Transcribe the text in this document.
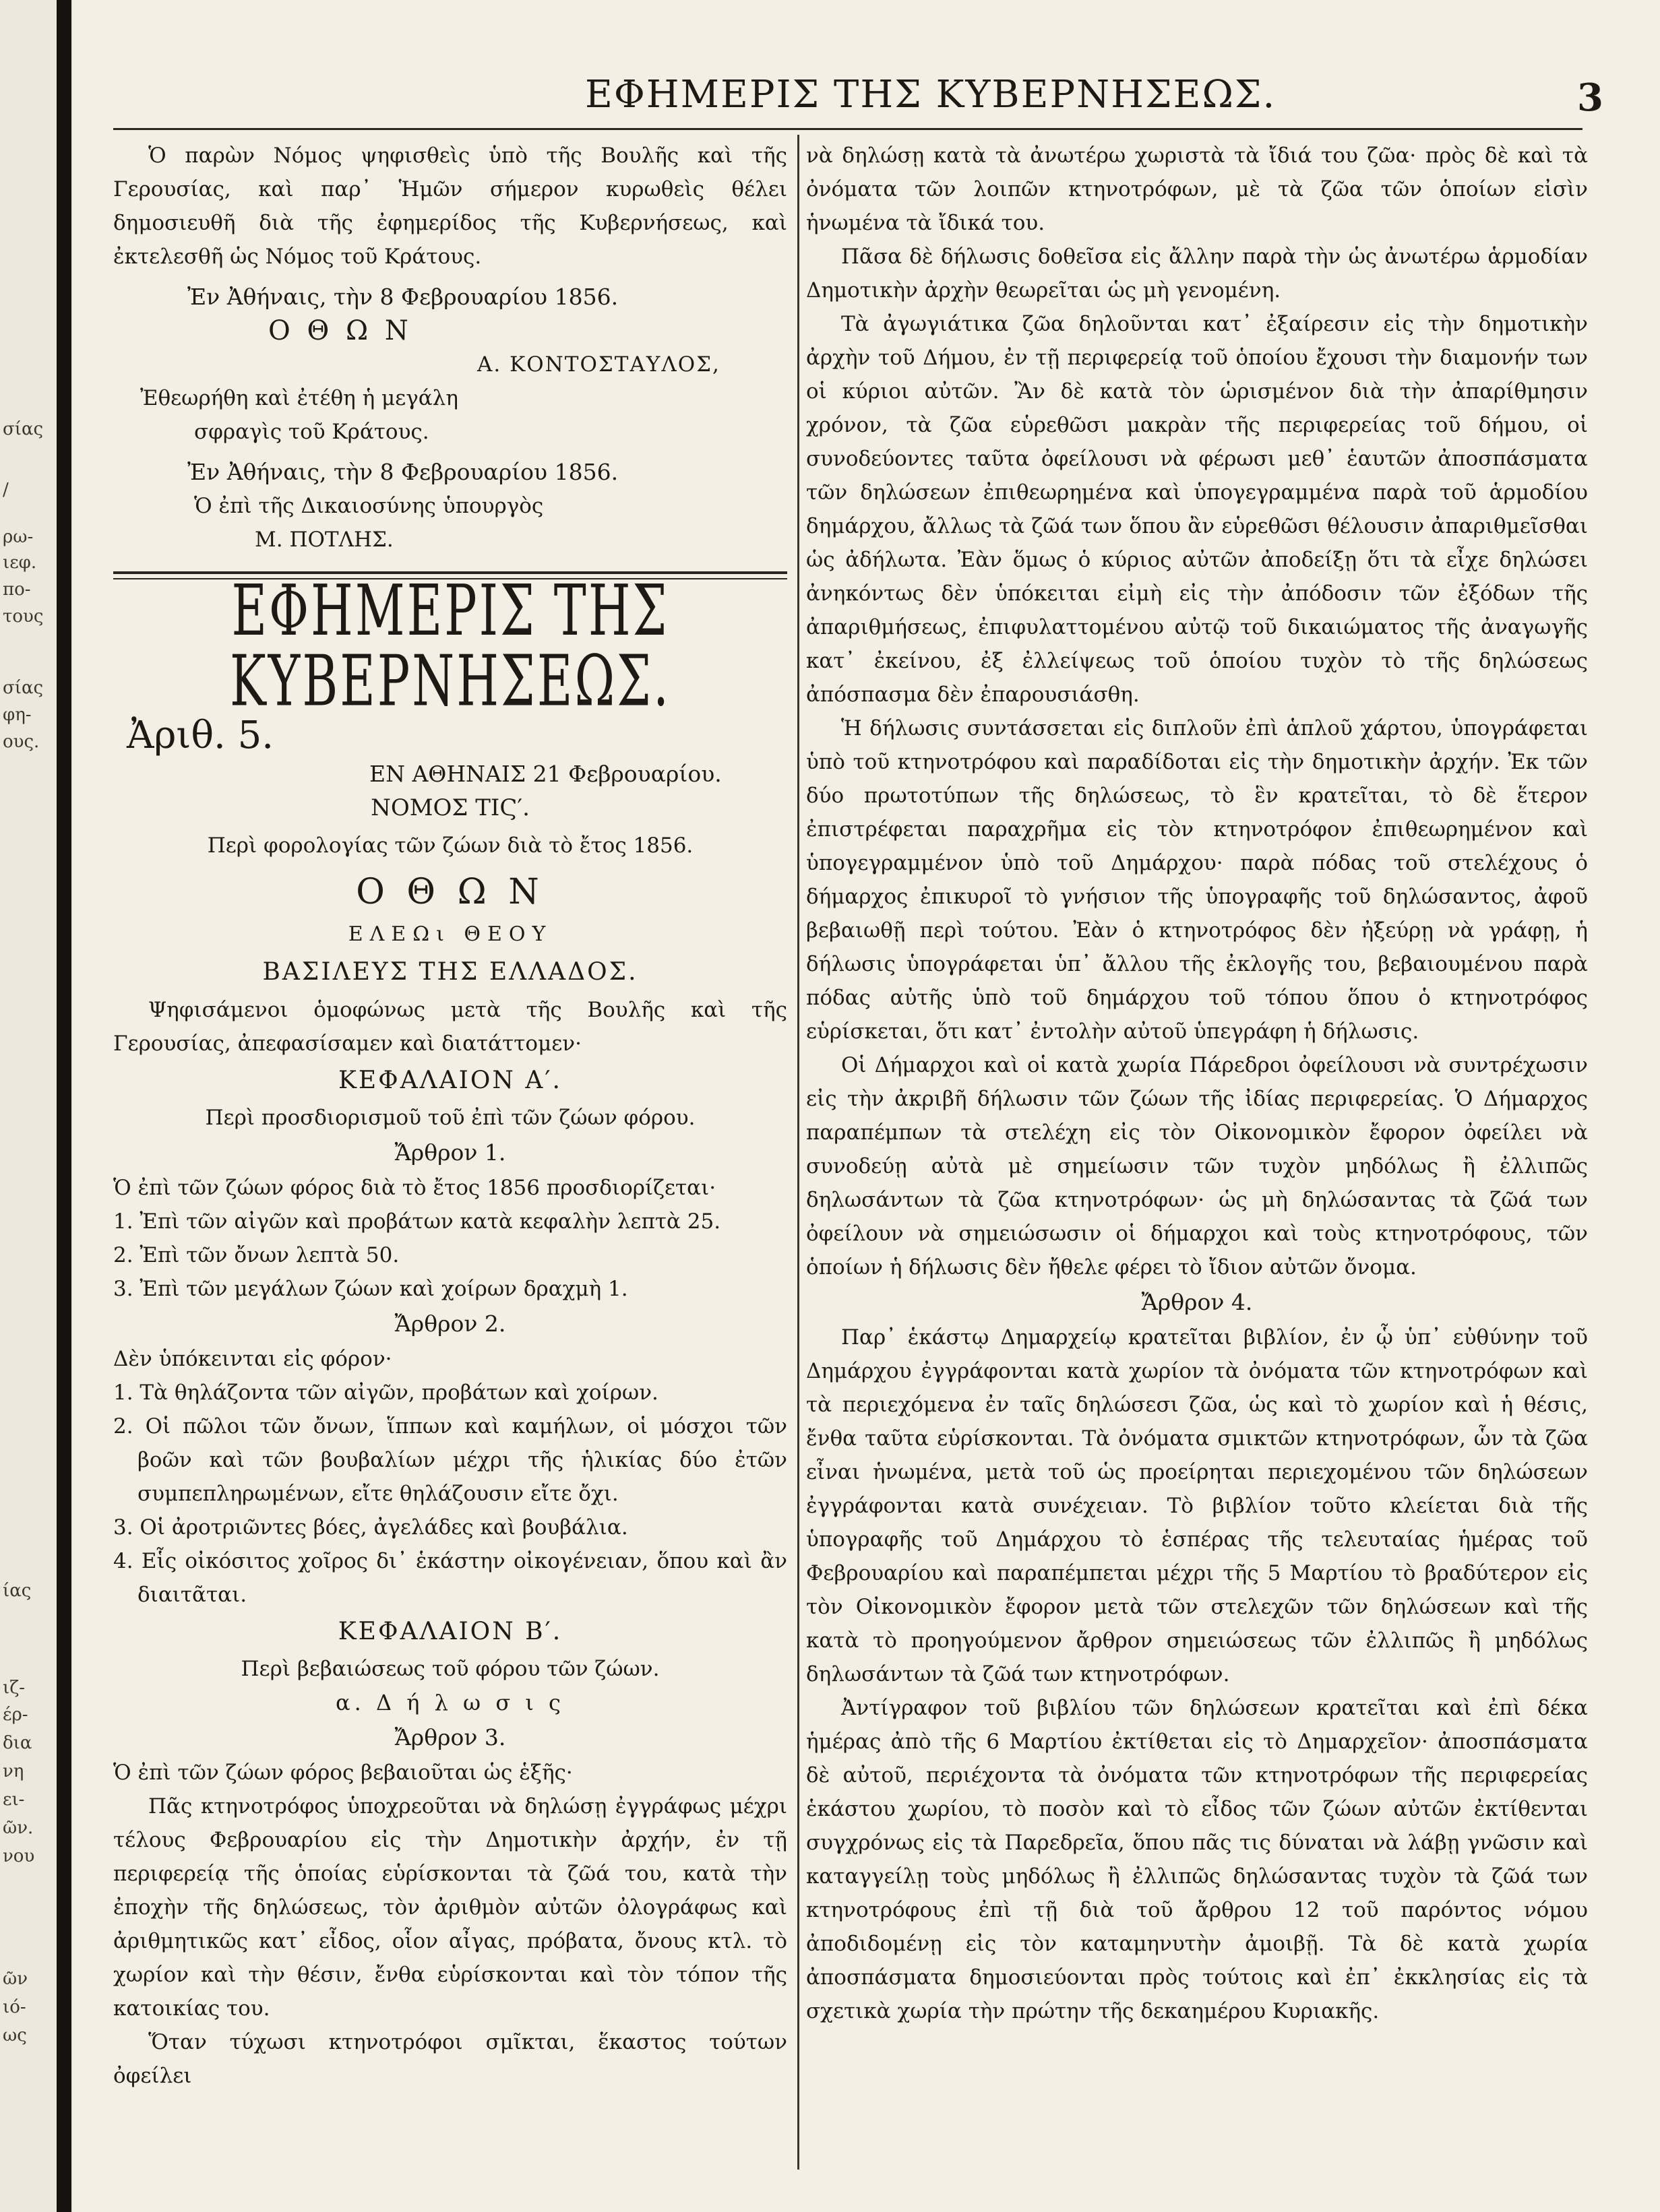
σίας
/
ρω-
ιεφ.
πο-
τους
σίας
φη-
ους.
ίας
ιζ-
έρ-
δια
νη
ει-
ῶν.
νου
ῶν
ιό-
ως
ΕΦΗΜΕΡΙΣ ΤΗΣ ΚΥΒΕΡΝΗΣΕΩΣ.	3

Ὁ παρὼν Νόμος ψηφισθεὶς ὑπὸ τῆς Βουλῆς καὶ τῆς Γερουσίας, καὶ παρ᾽ Ἡμῶν σήμερον κυρωθεὶς θέλει δημοσιευθῆ διὰ τῆς ἐφημερίδος τῆς Κυβερνήσεως, καὶ ἐκτελεσθῆ ὡς Νόμος τοῦ Κράτους.

Ἐν Ἀθήναις, τὴν 8 Φεβρουαρίου 1856.

Ο Θ Ω Ν

Α. ΚΟΝΤΟΣΤΑΥΛΟΣ,

Ἐθεωρήθη καὶ ἐτέθη ἡ μεγάλη

σφραγὶς τοῦ Κράτους.

Ἐν Ἀθήναις, τὴν 8 Φεβρουαρίου 1856.

Ὁ ἐπὶ τῆς Δικαιοσύνης ὑπουργὸς

Μ. ΠΟΤΛΗΣ.

ΕΦΗΜΕΡΙΣ ΤΗΣ ΚΥΒΕΡΝΗΣΕΩΣ.

Ἀριθ. 5.

ΕΝ ΑΘΗΝΑΙΣ 21 Φεβρουαρίου.

ΝΟΜΟΣ ΤΙϚ′.

Περὶ φορολογίας τῶν ζώων διὰ τὸ ἔτος 1856.

Ο Θ Ω Ν

ΕΛΕΩι ΘΕΟΥ

ΒΑΣΙΛΕΥΣ ΤΗΣ ΕΛΛΑΔΟΣ.

Ψηφισάμενοι ὁμοφώνως μετὰ τῆς Βουλῆς καὶ τῆς Γερουσίας, ἀπεφασίσαμεν καὶ διατάττομεν·

ΚΕΦΑΛΑΙΟΝ Α′.

Περὶ προσδιορισμοῦ τοῦ ἐπὶ τῶν ζώων φόρου.

Ἄρθρον 1.

Ὁ ἐπὶ τῶν ζώων φόρος διὰ τὸ ἔτος 1856 προσδιορίζεται·

1. Ἐπὶ τῶν αἰγῶν καὶ προβάτων κατὰ κεφαλὴν λεπτὰ 25.

2. Ἐπὶ τῶν ὄνων λεπτὰ 50.

3. Ἐπὶ τῶν μεγάλων ζώων καὶ χοίρων δραχμὴ 1.

Ἄρθρον 2.

Δὲν ὑπόκεινται εἰς φόρον·

1. Τὰ θηλάζοντα τῶν αἰγῶν, προβάτων καὶ χοίρων.

2. Οἱ πῶλοι τῶν ὄνων, ἵππων καὶ καμήλων, οἱ μόσχοι τῶν βοῶν καὶ τῶν βουβαλίων μέχρι τῆς ἡλικίας δύο ἐτῶν συμπεπληρωμένων, εἴτε θηλάζουσιν εἴτε ὄχι.

3. Οἱ ἀροτριῶντες βόες, ἀγελάδες καὶ βουβάλια.

4. Εἷς οἰκόσιτος χοῖρος δι᾽ ἑκάστην οἰκογένειαν, ὅπου καὶ ἂν διαιτᾶται.

ΚΕΦΑΛΑΙΟΝ Β′.

Περὶ βεβαιώσεως τοῦ φόρου τῶν ζώων.

α. Δ ή λ ω σ ι ς

Ἄρθρον 3.

Ὁ ἐπὶ τῶν ζώων φόρος βεβαιοῦται ὡς ἑξῆς·

Πᾶς κτηνοτρόφος ὑποχρεοῦται νὰ δηλώσῃ ἐγγράφως μέχρι τέλους Φεβρουαρίου εἰς τὴν Δημοτικὴν ἀρχήν, ἐν τῇ περιφερείᾳ τῆς ὁποίας εὑρίσκονται τὰ ζῶά του, κατὰ τὴν ἐποχὴν τῆς δηλώσεως, τὸν ἀριθμὸν αὐτῶν ὀλογράφως καὶ ἀριθμητικῶς κατ᾽ εἶδος, οἷον αἶγας, πρόβατα, ὄνους κτλ. τὸ χωρίον καὶ τὴν θέσιν, ἔνθα εὑρίσκονται καὶ τὸν τόπον τῆς κατοικίας του.

Ὅταν τύχωσι κτηνοτρόφοι σμῖκται, ἕκαστος τούτων ὀφείλει

νὰ δηλώσῃ κατὰ τὰ ἀνωτέρω χωριστὰ τὰ ἴδιά του ζῶα· πρὸς δὲ καὶ τὰ ὀνόματα τῶν λοιπῶν κτηνοτρόφων, μὲ τὰ ζῶα τῶν ὁποίων εἰσὶν ἡνωμένα τὰ ἴδικά του.

Πᾶσα δὲ δήλωσις δοθεῖσα εἰς ἄλλην παρὰ τὴν ὡς ἀνωτέρω ἁρμοδίαν Δημοτικὴν ἀρχὴν θεωρεῖται ὡς μὴ γενομένη.

Τὰ ἀγωγιάτικα ζῶα δηλοῦνται κατ᾽ ἐξαίρεσιν εἰς τὴν δημοτικὴν ἀρχὴν τοῦ Δήμου, ἐν τῇ περιφερείᾳ τοῦ ὁποίου ἔχουσι τὴν διαμονήν των οἱ κύριοι αὐτῶν. Ἂν δὲ κατὰ τὸν ὡρισμένον διὰ τὴν ἀπαρίθμησιν χρόνον, τὰ ζῶα εὑρεθῶσι μακρὰν τῆς περιφερείας τοῦ δήμου, οἱ συνοδεύοντες ταῦτα ὀφείλουσι νὰ φέρωσι μεθ᾽ ἑαυτῶν ἀποσπάσματα τῶν δηλώσεων ἐπιθεωρημένα καὶ ὑπογεγραμμένα παρὰ τοῦ ἁρμοδίου δημάρχου, ἄλλως τὰ ζῶά των ὅπου ἂν εὑρεθῶσι θέλουσιν ἀπαριθμεῖσθαι ὡς ἀδήλωτα. Ἐὰν ὅμως ὁ κύριος αὐτῶν ἀποδείξῃ ὅτι τὰ εἶχε δηλώσει ἀνηκόντως δὲν ὑπόκειται εἰμὴ εἰς τὴν ἀπόδοσιν τῶν ἐξόδων τῆς ἀπαριθμήσεως, ἐπιφυλαττομένου αὐτῷ τοῦ δικαιώματος τῆς ἀναγωγῆς κατ᾽ ἐκείνου, ἐξ ἐλλείψεως τοῦ ὁποίου τυχὸν τὸ τῆς δηλώσεως ἀπόσπασμα δὲν ἐπαρουσιάσθη.

Ἡ δήλωσις συντάσσεται εἰς διπλοῦν ἐπὶ ἁπλοῦ χάρτου, ὑπογράφεται ὑπὸ τοῦ κτηνοτρόφου καὶ παραδίδοται εἰς τὴν δημοτικὴν ἀρχήν. Ἐκ τῶν δύο πρωτοτύπων τῆς δηλώσεως, τὸ ἓν κρατεῖται, τὸ δὲ ἕτερον ἐπιστρέφεται παραχρῆμα εἰς τὸν κτηνοτρόφον ἐπιθεωρημένον καὶ ὑπογεγραμμένον ὑπὸ τοῦ Δημάρχου· παρὰ πόδας τοῦ στελέχους ὁ δήμαρχος ἐπικυροῖ τὸ γνήσιον τῆς ὑπογραφῆς τοῦ δηλώσαντος, ἀφοῦ βεβαιωθῇ περὶ τούτου. Ἐὰν ὁ κτηνοτρόφος δὲν ἠξεύρῃ νὰ γράφῃ, ἡ δήλωσις ὑπογράφεται ὑπ᾽ ἄλλου τῆς ἐκλογῆς του, βεβαιουμένου παρὰ πόδας αὐτῆς ὑπὸ τοῦ δημάρχου τοῦ τόπου ὅπου ὁ κτηνοτρόφος εὑρίσκεται, ὅτι κατ᾽ ἐντολὴν αὐτοῦ ὑπεγράφη ἡ δήλωσις.

Οἱ Δήμαρχοι καὶ οἱ κατὰ χωρία Πάρεδροι ὀφείλουσι νὰ συντρέχωσιν εἰς τὴν ἀκριβῆ δήλωσιν τῶν ζώων τῆς ἰδίας περιφερείας. Ὁ Δήμαρχος παραπέμπων τὰ στελέχη εἰς τὸν Οἰκονομικὸν ἔφορον ὀφείλει νὰ συνοδεύῃ αὐτὰ μὲ σημείωσιν τῶν τυχὸν μηδόλως ἢ ἐλλιπῶς δηλωσάντων τὰ ζῶα κτηνοτρόφων· ὡς μὴ δηλώσαντας τὰ ζῶά των ὀφείλουν νὰ σημειώσωσιν οἱ δήμαρχοι καὶ τοὺς κτηνοτρόφους, τῶν ὁποίων ἡ δήλωσις δὲν ἤθελε φέρει τὸ ἴδιον αὐτῶν ὄνομα.

Ἄρθρον 4.

Παρ᾽ ἑκάστῳ Δημαρχείῳ κρατεῖται βιβλίον, ἐν ᾧ ὑπ᾽ εὐθύνην τοῦ Δημάρχου ἐγγράφονται κατὰ χωρίον τὰ ὀνόματα τῶν κτηνοτρόφων καὶ τὰ περιεχόμενα ἐν ταῖς δηλώσεσι ζῶα, ὡς καὶ τὸ χωρίον καὶ ἡ θέσις, ἔνθα ταῦτα εὑρίσκονται. Τὰ ὀνόματα σμικτῶν κτηνοτρόφων, ὧν τὰ ζῶα εἶναι ἡνωμένα, μετὰ τοῦ ὡς προείρηται περιεχομένου τῶν δηλώσεων ἐγγράφονται κατὰ συνέχειαν. Τὸ βιβλίον τοῦτο κλείεται διὰ τῆς ὑπογραφῆς τοῦ Δημάρχου τὸ ἑσπέρας τῆς τελευταίας ἡμέρας τοῦ Φεβρουαρίου καὶ παραπέμπεται μέχρι τῆς 5 Μαρτίου τὸ βραδύτερον εἰς τὸν Οἰκονομικὸν ἔφορον μετὰ τῶν στελεχῶν τῶν δηλώσεων καὶ τῆς κατὰ τὸ προηγούμενον ἄρθρον σημειώσεως τῶν ἐλλιπῶς ἢ μηδόλως δηλωσάντων τὰ ζῶά των κτηνοτρόφων.

Ἀντίγραφον τοῦ βιβλίου τῶν δηλώσεων κρατεῖται καὶ ἐπὶ δέκα ἡμέρας ἀπὸ τῆς 6 Μαρτίου ἐκτίθεται εἰς τὸ Δημαρχεῖον· ἀποσπάσματα δὲ αὐτοῦ, περιέχοντα τὰ ὀνόματα τῶν κτηνοτρόφων τῆς περιφερείας ἑκάστου χωρίου, τὸ ποσὸν καὶ τὸ εἶδος τῶν ζώων αὐτῶν ἐκτίθενται συγχρόνως εἰς τὰ Παρεδρεῖα, ὅπου πᾶς τις δύναται νὰ λάβῃ γνῶσιν καὶ καταγγείλῃ τοὺς μηδόλως ἢ ἐλλιπῶς δηλώσαντας τυχὸν τὰ ζῶά των κτηνοτρόφους ἐπὶ τῇ διὰ τοῦ ἄρθρου 12 τοῦ παρόντος νόμου ἀποδιδομένῃ εἰς τὸν καταμηνυτὴν ἀμοιβῇ. Τὰ δὲ κατὰ χωρία ἀποσπάσματα δημοσιεύονται πρὸς τούτοις καὶ ἐπ᾽ ἐκκλησίας εἰς τὰ σχετικὰ χωρία τὴν πρώτην τῆς δεκαημέρου Κυριακῆς.
